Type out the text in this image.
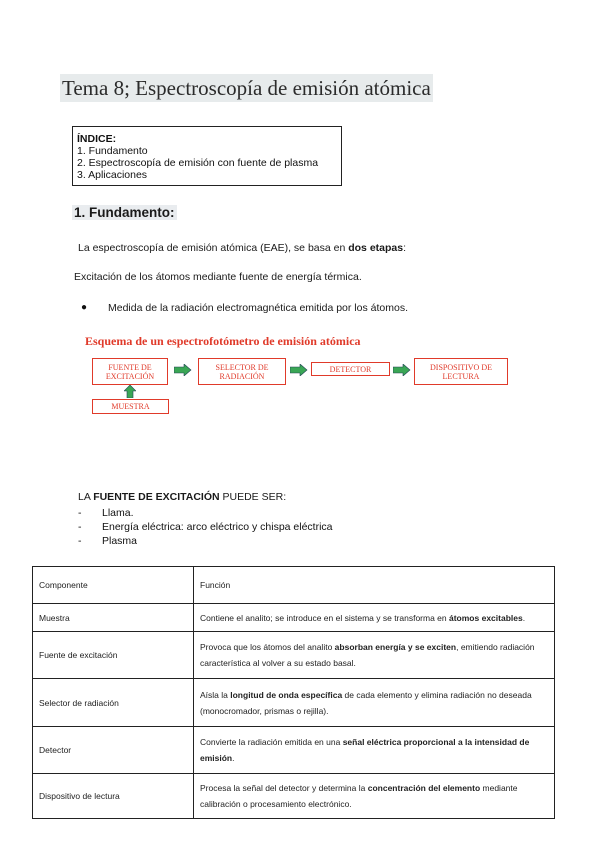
Tema 8; Espectroscopía de emisión atómica
ÍNDICE:
1. Fundamento
2. Espectroscopía de emisión con fuente de plasma
3. Aplicaciones
1. Fundamento:
La espectroscopía de emisión atómica (EAE), se basa en dos etapas:
Excitación de los átomos mediante fuente de energía térmica.
● Medida de la radiación electromagnética emitida por los átomos.
Esquema de un espectrofotómetro de emisión atómica
FUENTE DE EXCITACIÓN
SELECTOR DE RADIACIÓN
DETECTOR	DISPOSITIVO DE LECTURA
MUESTRA
LA FUENTE DE EXCITACIÓN PUEDE SER:
- Llama.
- Energía eléctrica: arco eléctrico y chispa eléctrica
- Plasma
Componente	Función
Muestra	Contiene el analito; se introduce en el sistema y se transforma en átomos excitables.
Fuente de excitación	Provoca que los átomos del analito absorban energía y se exciten, emitiendo radiación característica al volver a su estado basal.
Selector de radiación	Aísla la longitud de onda específica de cada elemento y elimina radiación no deseada (monocromador, prismas o rejilla).
Detector	Convierte la radiación emitida en una señal eléctrica proporcional a la intensidad de emisión.
Dispositivo de lectura	Procesa la señal del detector y determina la concentración del elemento mediante calibración o procesamiento electrónico.
